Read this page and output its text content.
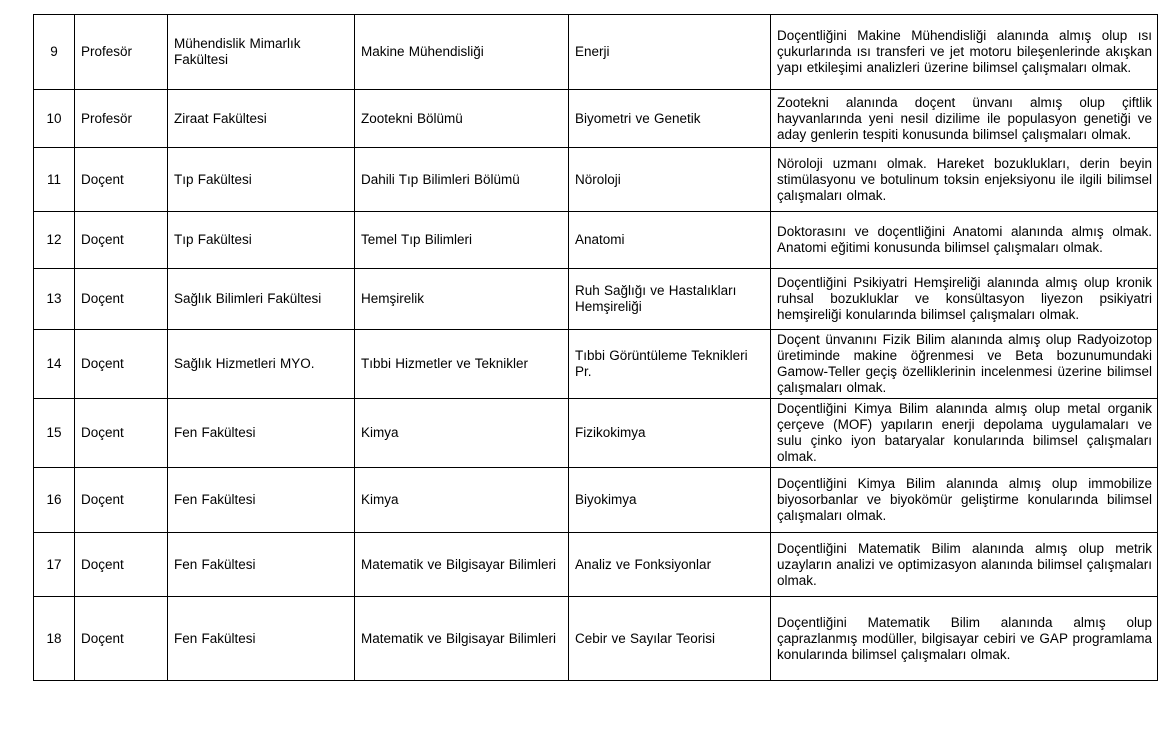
9	Profesör	Mühendislik Mimarlık Fakültesi	Makine Mühendisliği	Enerji	Doçentliğini Makine Mühendisliği alanında almış olup ısı çukurlarında ısı transferi ve jet motoru bileşenlerinde akışkan yapı etkileşimi analizleri üzerine bilimsel çalışmaları olmak.
10	Profesör	Ziraat Fakültesi	Zootekni Bölümü	Biyometri ve Genetik	Zootekni alanında doçent ünvanı almış olup çiftlik hayvanlarında yeni nesil dizilime ile populasyon genetiği ve aday genlerin tespiti konusunda bilimsel çalışmaları olmak.
11	Doçent	Tıp Fakültesi	Dahili Tıp Bilimleri Bölümü	Nöroloji	Nöroloji uzmanı olmak. Hareket bozuklukları, derin beyin stimülasyonu ve botulinum toksin enjeksiyonu ile ilgili bilimsel çalışmaları olmak.
12	Doçent	Tıp Fakültesi	Temel Tıp Bilimleri	Anatomi	Doktorasını ve doçentliğini Anatomi alanında almış olmak. Anatomi eğitimi konusunda bilimsel çalışmaları olmak.
13	Doçent	Sağlık Bilimleri Fakültesi	Hemşirelik	Ruh Sağlığı ve Hastalıkları Hemşireliği	Doçentliğini Psikiyatri Hemşireliği alanında almış olup kronik ruhsal bozukluklar ve konsültasyon liyezon psikiyatri hemşireliği konularında bilimsel çalışmaları olmak.
14	Doçent	Sağlık Hizmetleri MYO.	Tıbbi Hizmetler ve Teknikler	Tıbbi Görüntüleme Teknikleri Pr.	Doçent ünvanını Fizik Bilim alanında almış olup Radyoizotop üretiminde makine öğrenmesi ve Beta bozunumundaki Gamow-Teller geçiş özelliklerinin incelenmesi üzerine bilimsel çalışmaları olmak.
15	Doçent	Fen Fakültesi	Kimya	Fizikokimya	Doçentliğini Kimya Bilim alanında almış olup metal organik çerçeve (MOF) yapıların enerji depolama uygulamaları ve sulu çinko iyon bataryalar konularında bilimsel çalışmaları olmak.
16	Doçent	Fen Fakültesi	Kimya	Biyokimya	Doçentliğini Kimya Bilim alanında almış olup immobilize biyosorbanlar ve biyokömür geliştirme konularında bilimsel çalışmaları olmak.
17	Doçent	Fen Fakültesi	Matematik ve Bilgisayar Bilimleri	Analiz ve Fonksiyonlar	Doçentliğini Matematik Bilim alanında almış olup metrik uzayların analizi ve optimizasyon alanında bilimsel çalışmaları olmak.
18	Doçent	Fen Fakültesi	Matematik ve Bilgisayar Bilimleri	Cebir ve Sayılar Teorisi	Doçentliğini Matematik Bilim alanında almış olup çaprazlanmış modüller, bilgisayar cebiri ve GAP programlama konularında bilimsel çalışmaları olmak.
